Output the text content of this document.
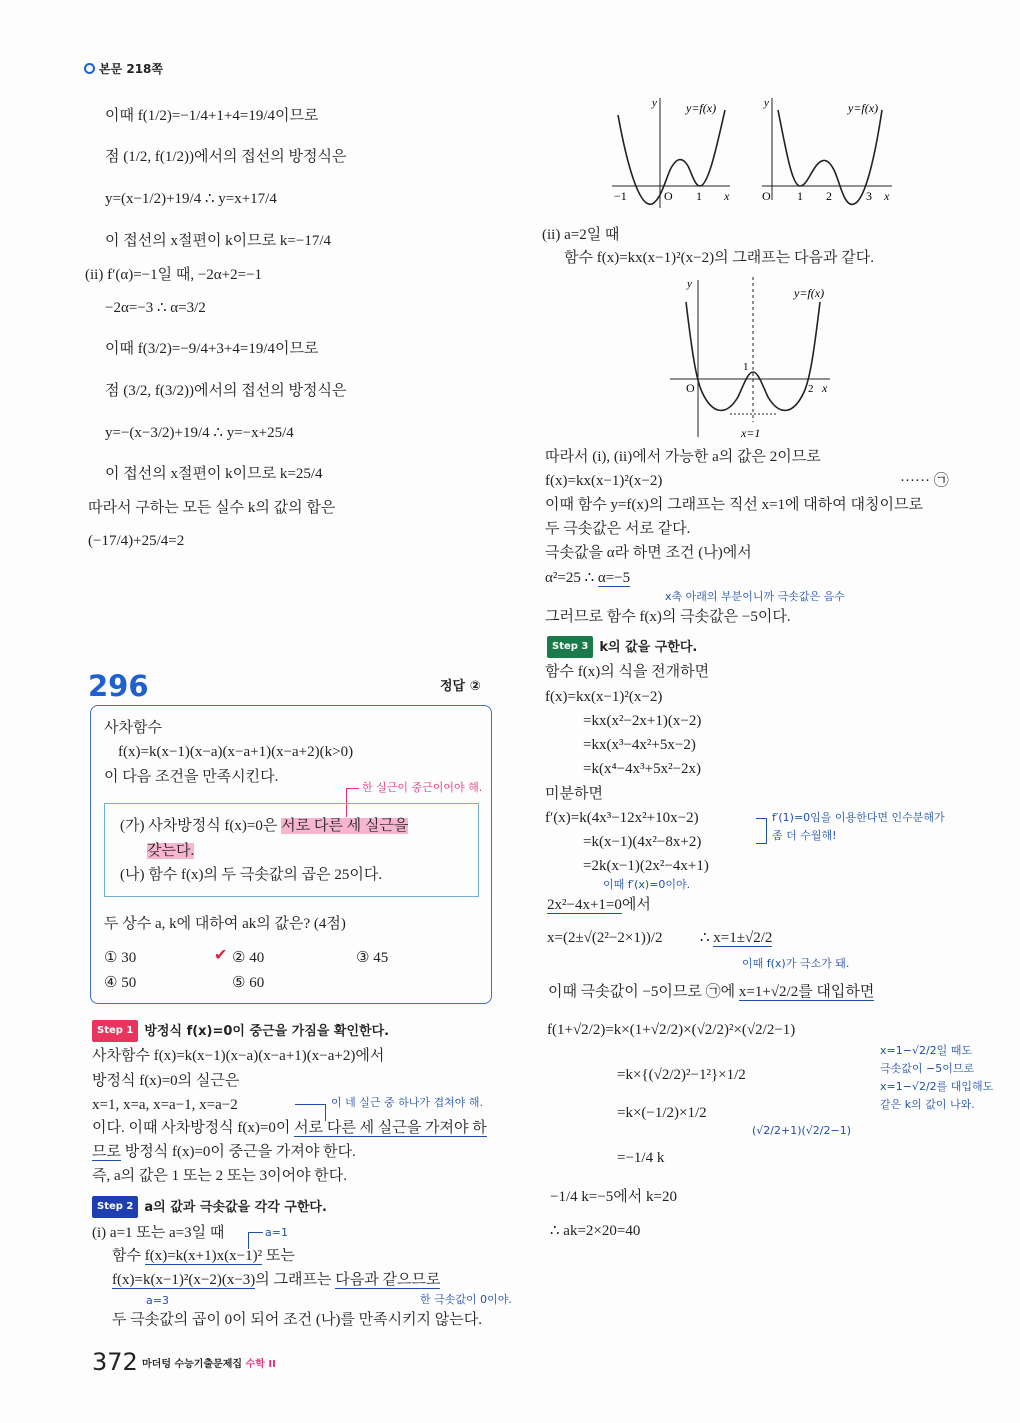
본문 218쪽
이때 f(1/2)=−1/4+1+4=19/4이므로
점 (1/2, f(1/2))에서의 접선의 방정식은
y=(x−1/2)+19/4 ∴ y=x+17/4
이 접선의 x절편이 k이므로 k=−17/4
(ii) f′(α)=−1일 때, −2α+2=−1
−2α=−3 ∴ α=3/2
이때 f(3/2)=−9/4+3+4=19/4이므로
점 (3/2, f(3/2))에서의 접선의 방정식은
y=−(x−3/2)+19/4 ∴ y=−x+25/4
이 접선의 x절편이 k이므로 k=25/4
따라서 구하는 모든 실수 k의 값의 합은
(−17/4)+25/4=2
296	정답 ②
사차함수
f(x)=k(x−1)(x−a)(x−a+1)(x−a+2)(k>0)
이 다음 조건을 만족시킨다.
한 실근이 중근이어야 해.
(가) 사차방정식 f(x)=0은 서로 다른 세 실근을
갖는다.
(나) 함수 f(x)의 두 극솟값의 곱은 25이다.
두 상수 a, k에 대하여 ak의 값은? (4점)
① 30	✔ ② 40	③ 45
④ 50	⑤ 60
Step 1 방정식 f(x)=0이 중근을 가짐을 확인한다.
사차함수 f(x)=k(x−1)(x−a)(x−a+1)(x−a+2)에서
방정식 f(x)=0의 실근은
x=1, x=a, x=a−1, x=a−2	이 네 실근 중 하나가 겹쳐야 해.
이다. 이때 사차방정식 f(x)=0이 서로 다른 세 실근을 가져야 하
므로 방정식 f(x)=0이 중근을 가져야 한다.
즉, a의 값은 1 또는 2 또는 3이어야 한다.
Step 2 a의 값과 극솟값을 각각 구한다.
(i) a=1 또는 a=3일 때	a=1
함수 f(x)=k(x+1)x(x−1)² 또는
f(x)=k(x−1)²(x−2)(x−3)의 그래프는 다음과 같으므로
a=3	한 극솟값이 0이야.
두 극솟값의 곱이 0이 되어 조건 (나)를 만족시키지 않는다.
372 마더텅 수능기출문제집 수학 II
y y=f(x)
−1	O 1 x
y	y=f(x)
O 1 2	3 x
(ii) a=2일 때
함수 f(x)=kx(x−1)²(x−2)의 그래프는 다음과 같다.
y
y=f(x)
O
1
2 x
x=1
따라서 (i), (ii)에서 가능한 a의 값은 2이므로
f(x)=kx(x−1)²(x−2)	······ ㉠
이때 함수 y=f(x)의 그래프는 직선 x=1에 대하여 대칭이므로
두 극솟값은 서로 같다.
극솟값을 α라 하면 조건 (나)에서
α²=25 ∴ α=−5
x축 아래의 부분이니까 극솟값은 음수
그러므로 함수 f(x)의 극솟값은 −5이다.
Step 3 k의 값을 구한다.
함수 f(x)의 식을 전개하면
f(x)=kx(x−1)²(x−2)
=kx(x²−2x+1)(x−2)
=kx(x³−4x²+5x−2)
=k(x⁴−4x³+5x²−2x)
미분하면
f′(x)=k(4x³−12x²+10x−2)	f′(1)=0임을 이용한다면 인수분해가
좀 더 수월해!
=k(x−1)(4x²−8x+2)
=2k(x−1)(2x²−4x+1)
이때 f′(x)=0이야.
2x²−4x+1=0에서
x=(2±√(2²−2×1))/2	∴ x=1±√2/2
이때 f(x)가 극소가 돼.
이때 극솟값이 −5이므로 ㉠에 x=1+√2/2를 대입하면
f(1+√2/2)=k×(1+√2/2)×(√2/2)²×(√2/2−1)
x=1−√2/2일 때도
극솟값이 −5이므로
x=1−√2/2를 대입해도
같은 k의 값이 나와.
=k×{(√2/2)²−1²}×1/2
(√2/2+1)(√2/2−1)
=k×(−1/2)×1/2
=−1/4 k
−1/4 k=−5에서 k=20
∴ ak=2×20=40
